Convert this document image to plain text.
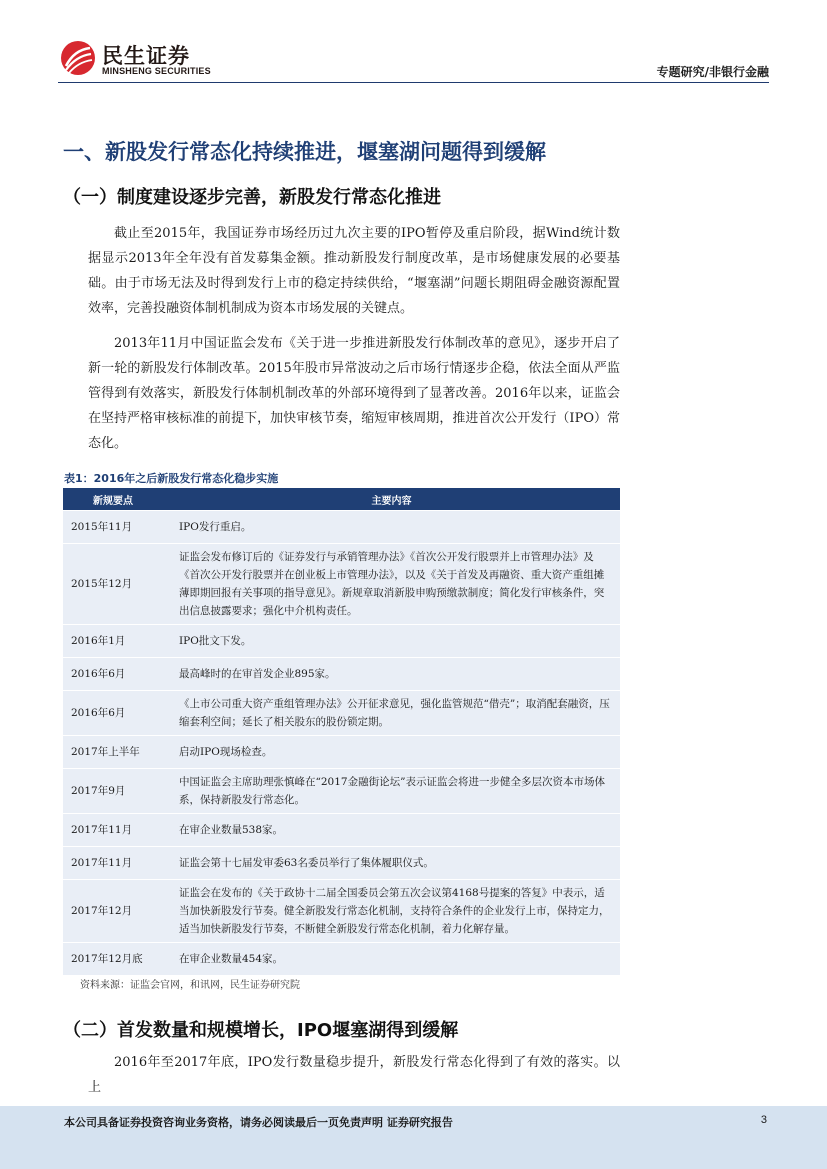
民生证券
MINSHENG SECURITIES	专题研究/非银行金融
一、新股发行常态化持续推进，堰塞湖问题得到缓解
（一）制度建设逐步完善，新股发行常态化推进

截止至2015年，我国证券市场经历过九次主要的IPO暂停及重启阶段，据Wind统计数据显示2013年全年没有首发募集金额。推动新股发行制度改革，是市场健康发展的必要基础。由于市场无法及时得到发行上市的稳定持续供给，“堰塞湖”问题长期阻碍金融资源配置效率，完善投融资体制机制成为资本市场发展的关键点。

2013年11月中国证监会发布《关于进一步推进新股发行体制改革的意见》，逐步开启了新一轮的新股发行体制改革。2015年股市异常波动之后市场行情逐步企稳，依法全面从严监管得到有效落实，新股发行体制机制改革的外部环境得到了显著改善。2016年以来，证监会在坚持严格审核标准的前提下，加快审核节奏，缩短审核周期，推进首次公开发行（IPO）常态化。

表1：2016年之后新股发行常态化稳步实施
新规要点	主要内容
2015年11月	IPO发行重启。
2015年12月	证监会发布修订后的《证券发行与承销管理办法》《首次公开发行股票并上市管理办法》及《首次公开发行股票并在创业板上市管理办法》，以及《关于首发及再融资、重大资产重组摊薄即期回报有关事项的指导意见》。新规章取消新股申购预缴款制度；简化发行审核条件，突出信息披露要求；强化中介机构责任。
2016年1月	IPO批文下发。
2016年6月	最高峰时的在审首发企业895家。
2016年6月	《上市公司重大资产重组管理办法》公开征求意见，强化监管规范“借壳”；取消配套融资，压缩套利空间；延长了相关股东的股份锁定期。
2017年上半年	启动IPO现场检查。
2017年9月	中国证监会主席助理张慎峰在“2017金融街论坛”表示证监会将进一步健全多层次资本市场体系，保持新股发行常态化。
2017年11月	在审企业数量538家。
2017年11月	证监会第十七届发审委63名委员举行了集体履职仪式。
2017年12月	证监会在发布的《关于政协十二届全国委员会第五次会议第4168号提案的答复》中表示，适当加快新股发行节奏。健全新股发行常态化机制，支持符合条件的企业发行上市，保持定力，适当加快新股发行节奏，不断健全新股发行常态化机制，着力化解存量。
2017年12月底	在审企业数量454家。
资料来源：证监会官网，和讯网，民生证券研究院
（二）首发数量和规模增长，IPO堰塞湖得到缓解

2016年至2017年底，IPO发行数量稳步提升，新股发行常态化得到了有效的落实。以上

本公司具备证券投资咨询业务资格，请务必阅读最后一页免责声明 证券研究报告	3
